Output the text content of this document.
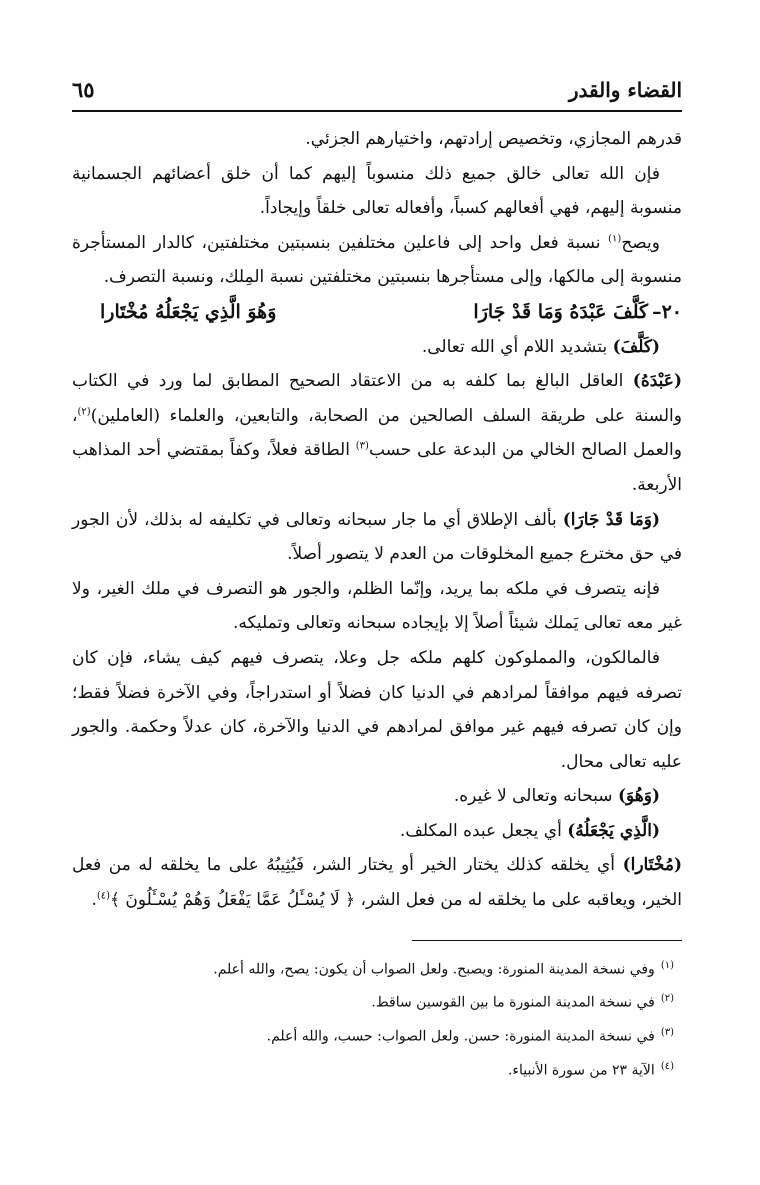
القضاء والقدر
٦٥

قدرهم المجازي، وتخصيص إرادتهم، واختيارهم الجزئي.

فإن الله تعالى خالق جميع ذلك منسوباً إليهم كما أن خلق أعضائهم الجسمانية منسوبة إليهم، فهي أفعالهم كسباً، وأفعاله تعالى خلقاً وإيجاداً.

ويصح$^{(١)}$ نسبة فعل واحد إلى فاعلين مختلفين بنسبتين مختلفتين، كالدار المستأجرة منسوبة إلى مالكها، وإلى مستأجرها بنسبتين مختلفتين نسبة المِلك، ونسبة التصرف.

٢٠–كَلَّفَ عَبْدَهُ وَمَا قَدْ جَارَا
وَهُوَ الَّذِي يَجْعَلُهُ مُخْتَارا

(كَلَّفَ) بتشديد اللام أي الله تعالى.

(عَبْدَهُ) العاقل البالغ بما كلفه به من الاعتقاد الصحيح المطابق لما ورد في الكتاب والسنة على طريقة السلف الصالحين من الصحابة، والتابعين، والعلماء (العاملين)$^{(٢)}$، والعمل الصالح الخالي من البدعة على حسب$^{(٣)}$ الطاقة فعلاً، وكفاً بمقتضي أحد المذاهب الأربعة.

(وَمَا قَدْ جَارَا) بألف الإطلاق أي ما جار سبحانه وتعالى في تكليفه له بذلك، لأن الجور في حق مخترع جميع المخلوقات من العدم لا يتصور أصلاً.

فإنه يتصرف في ملكه بما يريد، وإنّما الظلم، والجور هو التصرف في ملك الغير، ولا غير معه تعالى يَملك شيئاً أصلاً إلا بإيجاده سبحانه وتعالى وتمليكه.

فالمالكون، والمملوكون كلهم ملكه جل وعلا، يتصرف فيهم كيف يشاء، فإن كان تصرفه فيهم موافقاً لمرادهم في الدنيا كان فضلاً أو استدراجاً، وفي الآخرة فضلاً فقط؛ وإن كان تصرفه فيهم غير موافق لمرادهم في الدنيا والآخرة، كان عدلاً وحكمة. والجور عليه تعالى محال.

(وَهُوَ) سبحانه وتعالى لا غيره.

(الَّذِي يَجْعَلُهُ) أي يجعل عبده المكلف.

(مُخْتَارا) أي يخلقه كذلك يختار الخير أو يختار الشر، فَيُثِيبُهُ على ما يخلقه له من فعل الخير، ويعاقبه على ما يخلقه له من فعل الشر، ﴿ لَا يُسْـَٔلُ عَمَّا يَفْعَلُ وَهُمْ يُسْـَٔلُونَ ﴾$^{(٤)}$.

$^{(١)}$وفي نسخة المدينة المنورة: ويصبح. ولعل الصواب أن يكون: يصح، والله أعلم.

$^{(٢)}$في نسخة المدينة المنورة ما بين القوسين ساقط.

$^{(٣)}$في نسخة المدينة المنورة: حسن. ولعل الصواب: حسب، والله أعلم.

$^{(٤)}$الآية ٢٣ من سورة الأنبياء.
